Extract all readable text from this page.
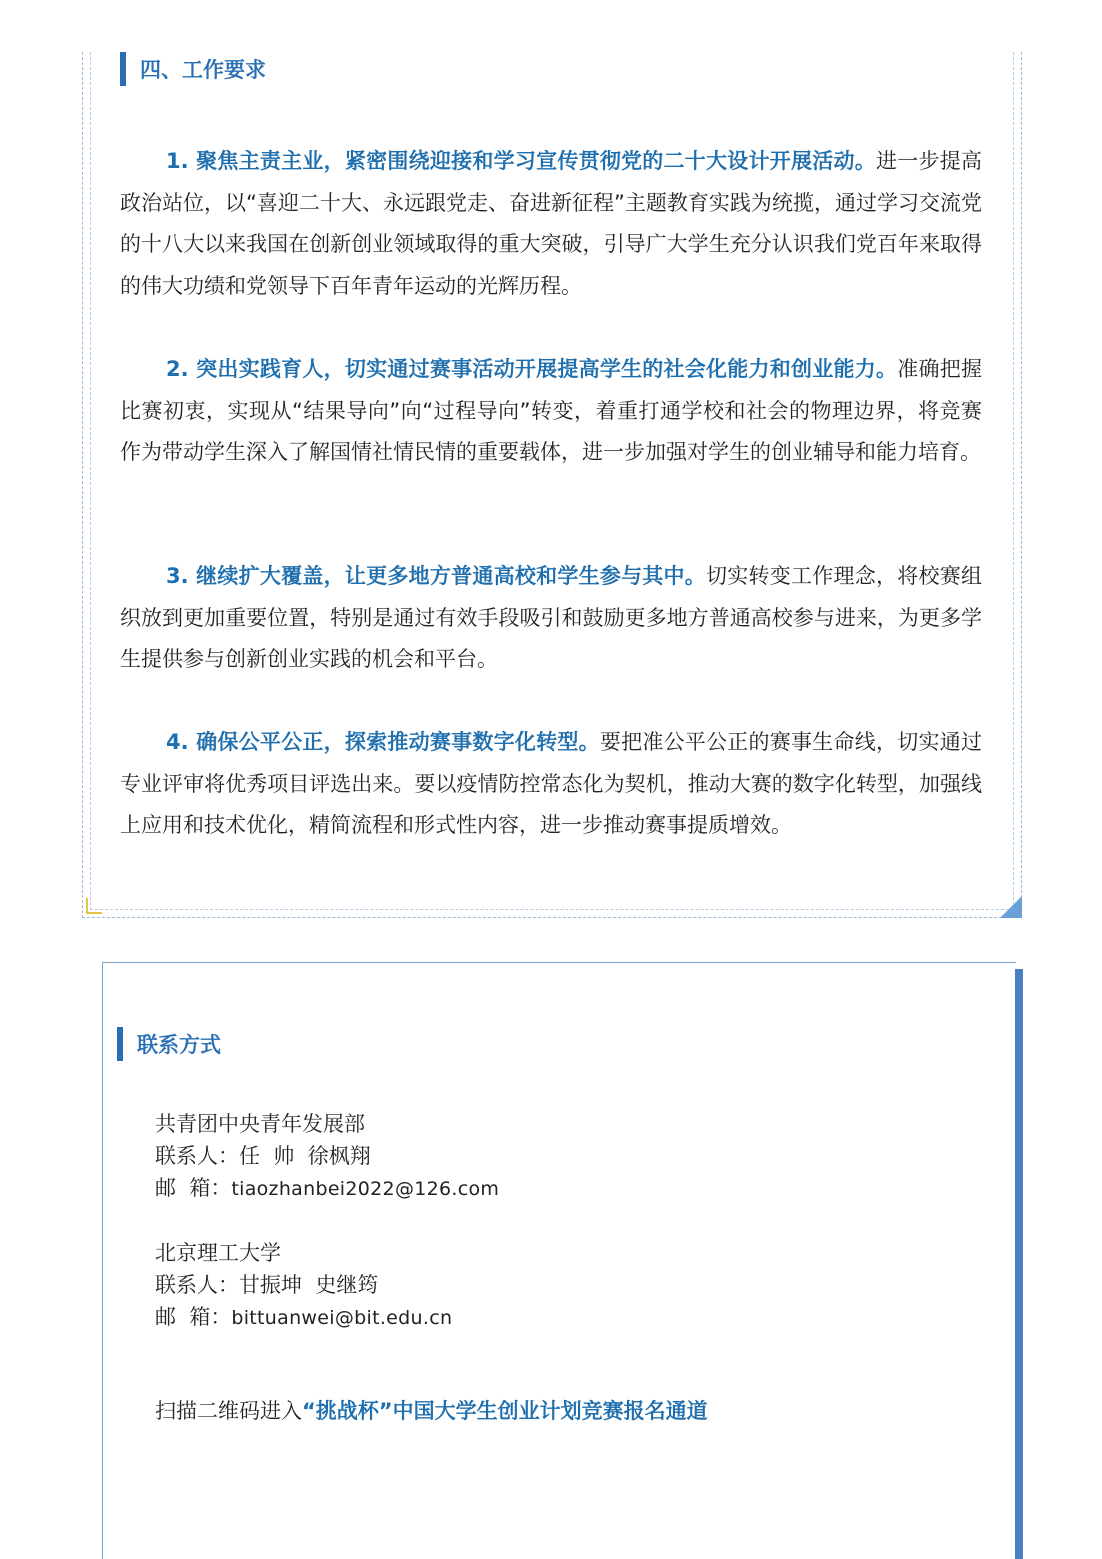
四、工作要求

1. 聚焦主责主业，紧密围绕迎接和学习宣传贯彻党的二十大设计开展活动。进一步提高政治站位，以“喜迎二十大、永远跟党走、奋进新征程”主题教育实践为统揽，通过学习交流党的十八大以来我国在创新创业领域取得的重大突破，引导广大学生充分认识我们党百年来取得的伟大功绩和党领导下百年青年运动的光辉历程。

2. 突出实践育人，切实通过赛事活动开展提高学生的社会化能力和创业能力。准确把握比赛初衷，实现从“结果导向”向“过程导向”转变，着重打通学校和社会的物理边界，将竞赛作为带动学生深入了解国情社情民情的重要载体，进一步加强对学生的创业辅导和能力培育。

3. 继续扩大覆盖，让更多地方普通高校和学生参与其中。切实转变工作理念，将校赛组织放到更加重要位置，特别是通过有效手段吸引和鼓励更多地方普通高校参与进来，为更多学生提供参与创新创业实践的机会和平台。

4. 确保公平公正，探索推动赛事数字化转型。要把准公平公正的赛事生命线，切实通过专业评审将优秀项目评选出来。要以疫情防控常态化为契机，推动大赛的数字化转型，加强线上应用和技术优化，精简流程和形式性内容，进一步推动赛事提质增效。

联系方式
共青团中央青年发展部
联系人：任  帅  徐枫翔
邮  箱：tiaozhanbei2022@126.com
北京理工大学
联系人：甘振坤  史继筠
邮  箱：bittuanwei@bit.edu.cn
扫描二维码进入“挑战杯”中国大学生创业计划竞赛报名通道
